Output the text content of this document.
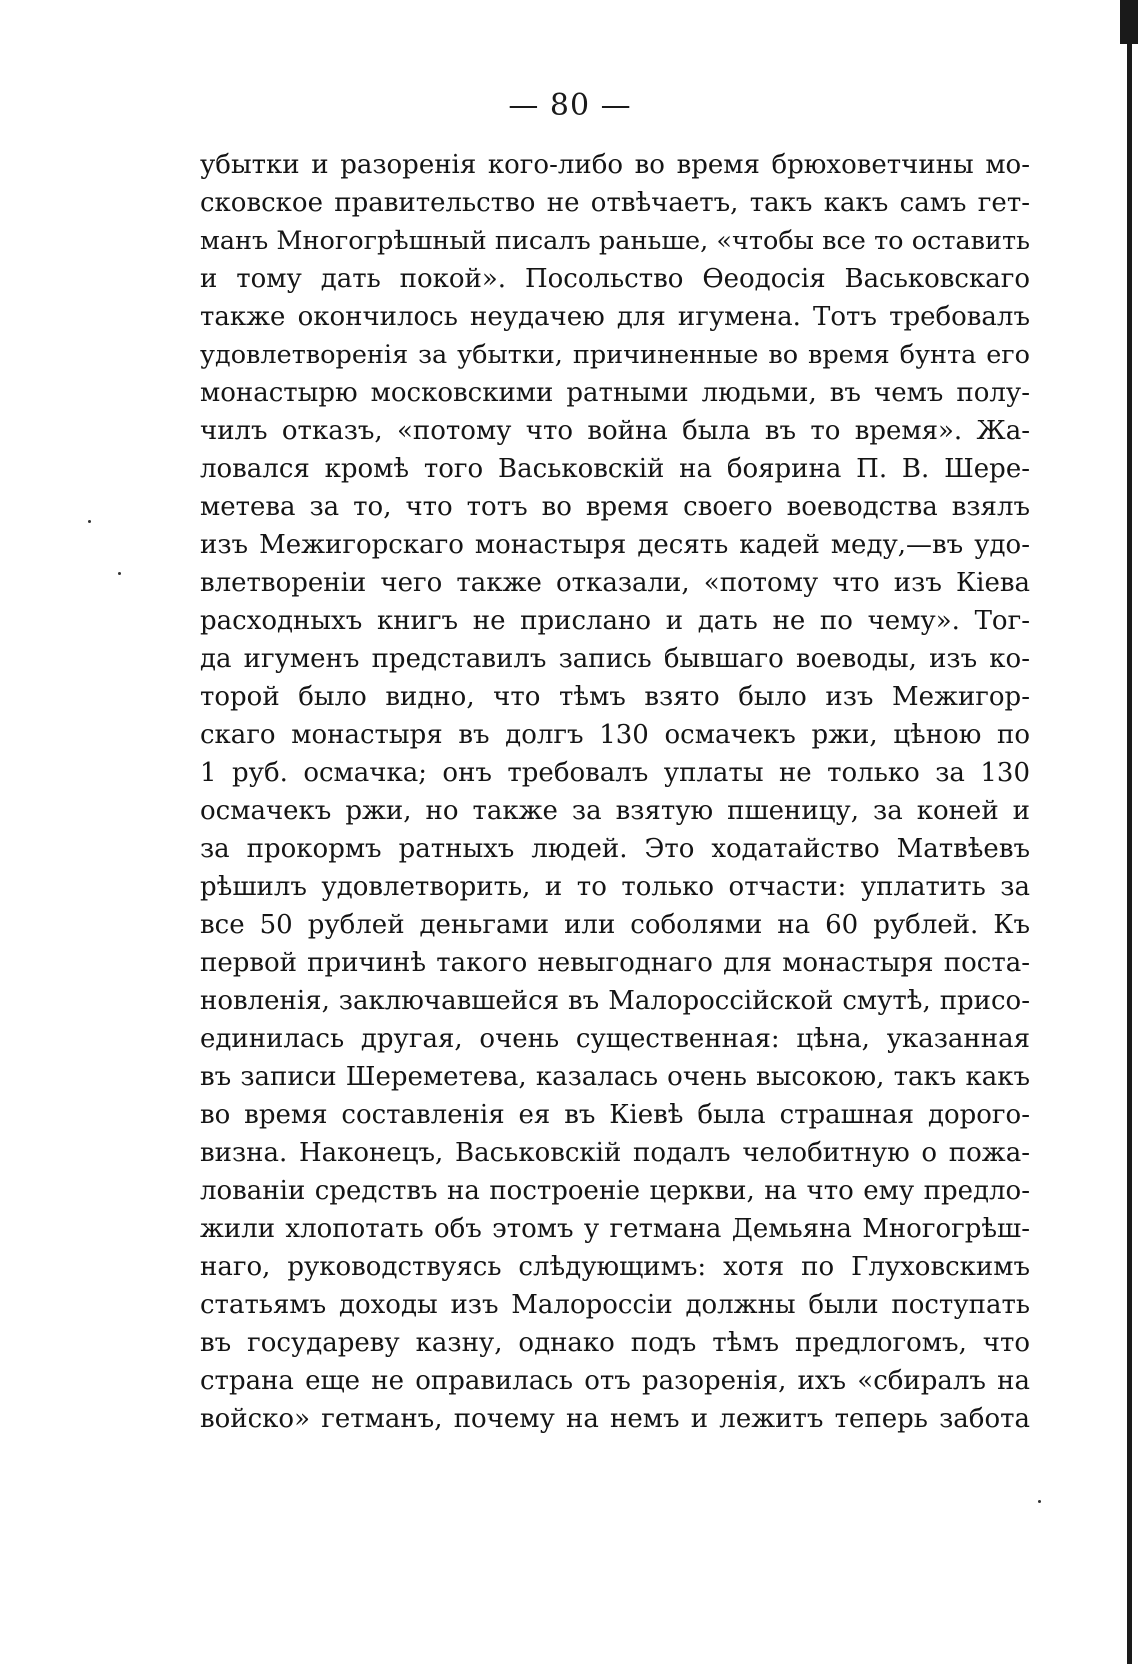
— 80 —
убытки и разоренія кого-либо во время брюховетчины мо-
сковское правительство не отвѣчаетъ, такъ какъ самъ гет-
манъ Многогрѣшный писалъ раньше, «чтобы все то оставить
и тому дать покой». Посольство Ѳеодосія Васьковскаго
также окончилось неудачею для игумена. Тотъ требовалъ
удовлетворенія за убытки, причиненные во время бунта его
монастырю московскими ратными людьми, въ чемъ полу-
чилъ отказъ, «потому что война была въ то время». Жа-
ловался кромѣ того Васьковскій на боярина П. В. Шере-
метева за то, что тотъ во время своего воеводства взялъ
изъ Межигорскаго монастыря десять кадей меду,—въ удо-
влетвореніи чего также отказали, «потому что изъ Кіева
расходныхъ книгъ не прислано и дать не по чему». Тог-
да игуменъ представилъ запись бывшаго воеводы, изъ ко-
торой было видно, что тѣмъ взято было изъ Межигор-
скаго монастыря въ долгъ 130 осмачекъ ржи, цѣною по
1 руб. осмачка; онъ требовалъ уплаты не только за 130
осмачекъ ржи, но также за взятую пшеницу, за коней и
за прокормъ ратныхъ людей. Это ходатайство Матвѣевъ
рѣшилъ удовлетворить, и то только отчасти: уплатить за
все 50 рублей деньгами или соболями на 60 рублей. Къ
первой причинѣ такого невыгоднаго для монастыря поста-
новленія, заключавшейся въ Малороссійской смутѣ, присо-
единилась другая, очень существенная: цѣна, указанная
въ записи Шереметева, казалась очень высокою, такъ какъ
во время составленія ея въ Кіевѣ была страшная дорого-
визна. Наконецъ, Васьковскій подалъ челобитную о пожа-
лованіи средствъ на построеніе церкви, на что ему предло-
жили хлопотать объ этомъ у гетмана Демьяна Многогрѣш-
наго, руководствуясь слѣдующимъ: хотя по Глуховскимъ
статьямъ доходы изъ Малороссіи должны были поступать
въ государеву казну, однако подъ тѣмъ предлогомъ, что
страна еще не оправилась отъ разоренія, ихъ «сбиралъ на
войско» гетманъ, почему на немъ и лежитъ теперь забота
